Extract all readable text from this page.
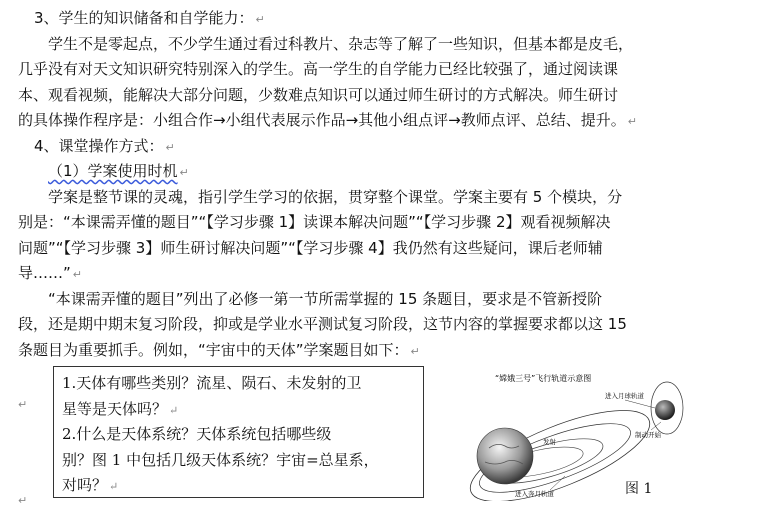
3、学生的知识储备和自学能力： ↵
学生不是零起点，不少学生通过看过科教片、杂志等了解了一些知识，但基本都是皮毛，
几乎没有对天文知识研究特别深入的学生。高一学生的自学能力已经比较强了，通过阅读课
本、观看视频，能解决大部分问题，少数难点知识可以通过师生研讨的方式解决。师生研讨
的具体操作程序是：小组合作→小组代表展示作品→其他小组点评→教师点评、总结、提升。 ↵
4、课堂操作方式： ↵
（1）学案使用时机 ↵
学案是整节课的灵魂，指引学生学习的依据，贯穿整个课堂。学案主要有 5 个模块，分
别是：“本课需弄懂的题目”“【学习步骤 1】读课本解决问题”“【学习步骤 2】观看视频解决
问题”“【学习步骤 3】师生研讨解决问题”“【学习步骤 4】我仍然有这些疑问，课后老师辅
导……” ↵
“本课需弄懂的题目”列出了必修一第一节所需掌握的 15 条题目，要求是不管新授阶
段，还是期中期末复习阶段，抑或是学业水平测试复习阶段，这节内容的掌握要求都以这 15
条题目为重要抓手。例如，“宇宙中的天体”学案题目如下： ↵
↵
↵
1.天体有哪些类别？流星、陨石、未发射的卫
星等是天体吗？ ↵
2.什么是天体系统？天体系统包括哪些级
别？图 1 中包括几级天体系统？宇宙=总星系，
对吗？ ↵
“嫦娥三号”飞行轨道示意图
进入月球轨道
发射
制动开始
进入奔月轨道	图 1
